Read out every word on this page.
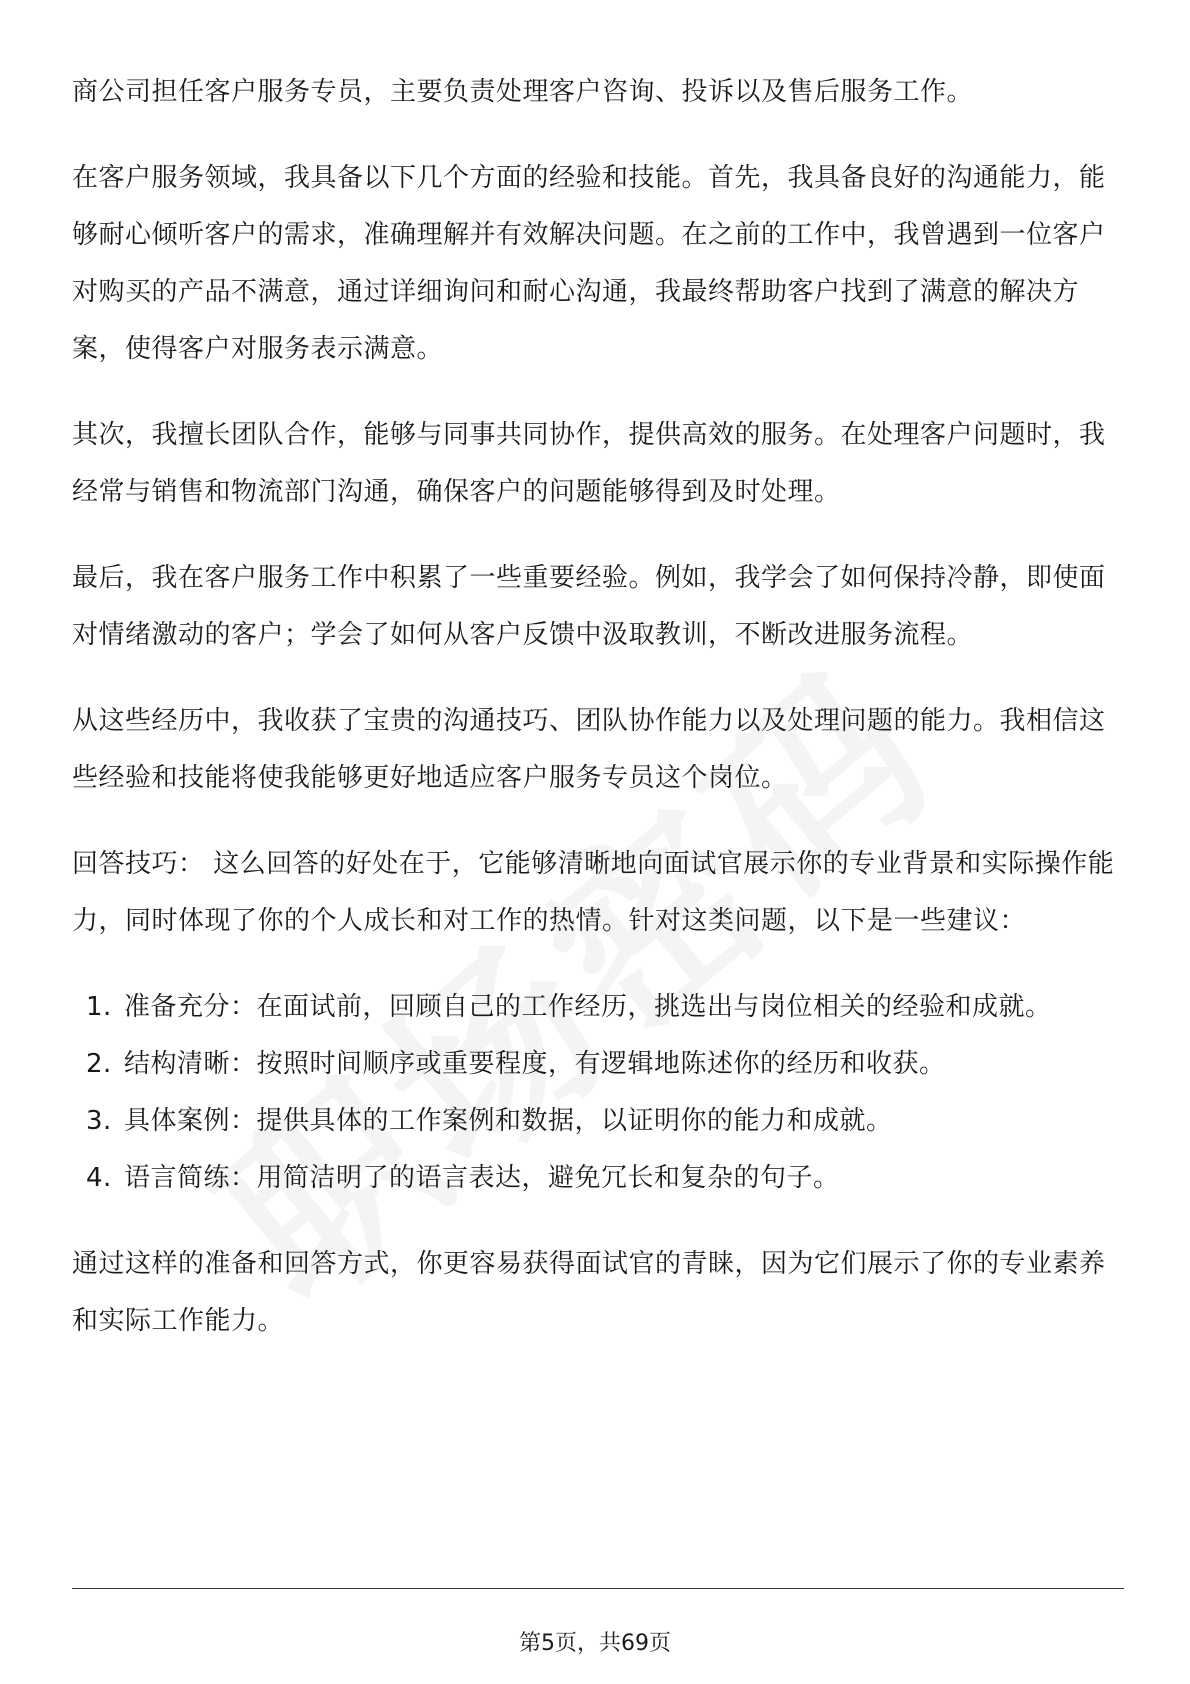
商公司担任客户服务专员，主要负责处理客户咨询、投诉以及售后服务工作。

在客户服务领域，我具备以下几个方面的经验和技能。首先，我具备良好的沟通能力，能够耐心倾听客户的需求，准确理解并有效解决问题。在之前的工作中，我曾遇到一位客户对购买的产品不满意，通过详细询问和耐心沟通，我最终帮助客户找到了满意的解决方案，使得客户对服务表示满意。

其次，我擅长团队合作，能够与同事共同协作，提供高效的服务。在处理客户问题时，我经常与销售和物流部门沟通，确保客户的问题能够得到及时处理。

最后，我在客户服务工作中积累了一些重要经验。例如，我学会了如何保持冷静，即使面对情绪激动的客户；学会了如何从客户反馈中汲取教训，不断改进服务流程。

从这些经历中，我收获了宝贵的沟通技巧、团队协作能力以及处理问题的能力。我相信这些经验和技能将使我能够更好地适应客户服务专员这个岗位。

回答技巧： 这么回答的好处在于，它能够清晰地向面试官展示你的专业背景和实际操作能力，同时体现了你的个人成长和对工作的热情。针对这类问题，以下是一些建议：

1. 准备充分：在面试前，回顾自己的工作经历，挑选出与岗位相关的经验和成就。
2. 结构清晰：按照时间顺序或重要程度，有逻辑地陈述你的经历和收获。
3. 具体案例：提供具体的工作案例和数据，以证明你的能力和成就。
4. 语言简练：用简洁明了的语言表达，避免冗长和复杂的句子。

通过这样的准备和回答方式，你更容易获得面试官的青睐，因为它们展示了你的专业素养和实际工作能力。

第5页，共69页
